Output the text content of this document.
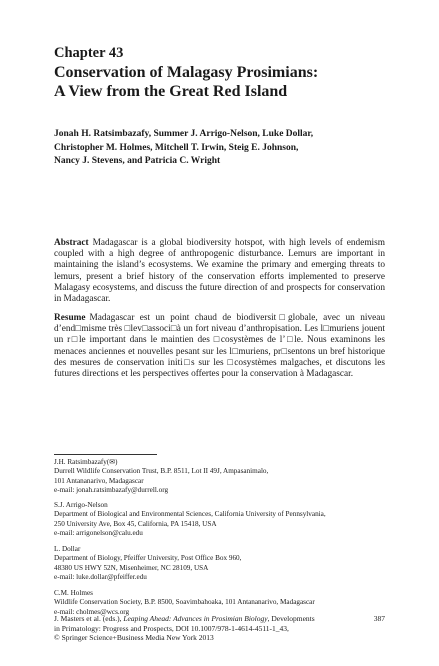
Chapter 43
Conservation of Malagasy Prosimians:
A View from the Great Red Island
Jonah H. Ratsimbazafy, Summer J. Arrigo-Nelson, Luke Dollar,
Christopher M. Holmes, Mitchell T. Irwin, Steig E. Johnson,
Nancy J. Stevens, and Patricia C. Wright
Abstract Madagascar is a global biodiversity hotspot, with high levels of endemism coupled with a high degree of anthropogenic disturbance. Lemurs are important in maintaining the island’s ecosystems. We examine the primary and emerging threats to lemurs, present a brief history of the conservation efforts implemented to preserve Malagasy ecosystems, and discuss the future direction of and prospects for conservation in Madagascar.
Resume Madagascar est un point chaud de biodiversit□globale, avec un niveau d’end□misme très □lev□associ□à un fort niveau d’anthropisation. Les l□muriens jouent un r□le important dans le maintien des □cosystèmes de l’□le. Nous examinons les menaces anciennes et nouvelles pesant sur les l□muriens, pr□sentons un bref historique des mesures de conservation initi□s sur les □cosystèmes malgaches, et discutons les futures directions et les perspectives offertes pour la conservation à Madagascar.
J.H. Ratsimbazafy(✉)
Durrell Wildlife Conservation Trust, B.P. 8511, Lot II 49J, Ampasanimalo,
101 Antananarivo, Madagascar
e-mail: jonah.ratsimbazafy@durrell.org
S.J. Arrigo-Nelson
Department of Biological and Environmental Sciences, California University of Pennsylvania,
250 University Ave, Box 45, California, PA 15418, USA
e-mail: arrigonelson@calu.edu
L. Dollar
Department of Biology, Pfeiffer University, Post Office Box 960,
48380 US HWY 52N, Misenheimer, NC 28109, USA
e-mail: luke.dollar@pfeiffer.edu
C.M. Holmes
Wildlife Conservation Society, B.P. 8500, Soavimbahoaka, 101 Antananarivo, Madagascar
e-mail: cholmes@wcs.org
J. Masters et al. (eds.), Leaping Ahead: Advances in Prosimian Biology, Developments
in Primatology: Progress and Prospects, DOI 10.1007/978-1-4614-4511-1_43,
© Springer Science+Business Media New York 2013
387
